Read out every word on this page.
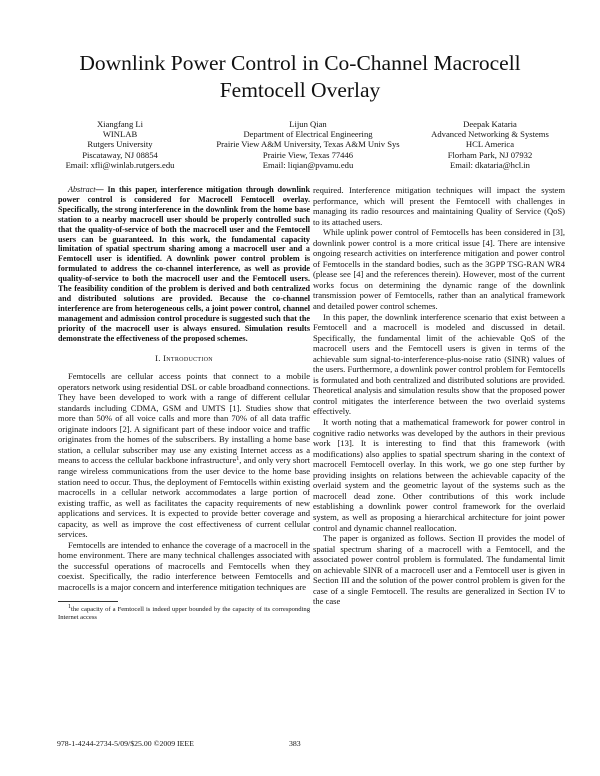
Downlink Power Control in Co-Channel Macrocell Femtocell Overlay
Xiangfang Li
WINLAB
Rutgers University
Piscataway, NJ 08854
Email: xfli@winlab.rutgers.edu
Lijun Qian
Department of Electrical Engineering
Prairie View A&M University, Texas A&M Univ Sys
Prairie View, Texas 77446
Email: liqian@pvamu.edu
Deepak Kataria
Advanced Networking & Systems
HCL America
Florham Park, NJ 07932
Email: dkataria@hcl.in

Abstract— In this paper, interference mitigation through downlink power control is considered for Macrocell Femtocell overlay. Specifically, the strong interference in the downlink from the home base station to a nearby macrocell user should be properly controlled such that the quality-of-service of both the macrocell user and the Femtocell users can be guaranteed. In this work, the fundamental capacity limitation of spatial spectrum sharing among a macrocell user and a Femtocell user is identified. A downlink power control problem is formulated to address the co-channel interference, as well as provide quality-of-service to both the macrocell user and the Femtocell users. The feasibility condition of the problem is derived and both centralized and distributed solutions are provided. Because the co-channel interference are from heterogeneous cells, a joint power control, channel management and admission control procedure is suggested such that the priority of the macrocell user is always ensured. Simulation results demonstrate the effectiveness of the proposed schemes.

I. Introduction

Femtocells are cellular access points that connect to a mobile operators network using residential DSL or cable broadband connections. They have been developed to work with a range of different cellular standards including CDMA, GSM and UMTS [1]. Studies show that more than 50% of all voice calls and more than 70% of all data traffic originate indoors [2]. A significant part of these indoor voice and traffic originates from the homes of the subscribers. By installing a home base station, a cellular subscriber may use any existing Internet access as a means to access the cellular backbone infrastructure$^1$, and only very short range wireless communications from the user device to the home base station need to occur. Thus, the deployment of Femtocells within existing macrocells in a cellular network accommodates a large portion of existing traffic, as well as facilitates the capacity requirements of new applications and services. It is expected to provide better coverage and capacity, as well as improve the cost effectiveness of current cellular services.

Femtocells are intended to enhance the coverage of a macrocell in the home environment. There are many technical challenges associated with the successful operations of macrocells and Femtocells when they coexist. Specifically, the radio interference between Femtocells and macrocells is a major concern and interference mitigation techniques are

$^1$the capacity of a Femtocell is indeed upper bounded by the capacity of its corresponding Internet access

required. Interference mitigation techniques will impact the system performance, which will present the Femtocell with challenges in managing its radio resources and maintaining Quality of Service (QoS) to its attached users.

While uplink power control of Femtocells has been considered in [3], downlink power control is a more critical issue [4]. There are intensive ongoing research activities on interference mitigation and power control of Femtocells in the standard bodies, such as the 3GPP TSG-RAN WR4 (please see [4] and the references therein). However, most of the current works focus on determining the dynamic range of the downlink transmission power of Femtocells, rather than an analytical framework and detailed power control schemes.

In this paper, the downlink interference scenario that exist between a Femtocell and a macrocell is modeled and discussed in detail. Specifically, the fundamental limit of the achievable QoS of the macrocell users and the Femtocell users is given in terms of the achievable sum signal-to-interference-plus-noise ratio (SINR) values of the users. Furthermore, a downlink power control problem for Femtocells is formulated and both centralized and distributed solutions are provided. Theoretical analysis and simulation results show that the proposed power control mitigates the interference between the two overlaid systems effectively.

It worth noting that a mathematical framework for power control in cognitive radio networks was developed by the authors in their previous work [13]. It is interesting to find that this framework (with modifications) also applies to spatial spectrum sharing in the context of macrocell Femtocell overlay. In this work, we go one step further by providing insights on relations between the achievable capacity of the overlaid system and the geometric layout of the systems such as the macrocell dead zone. Other contributions of this work include establishing a downlink power control framework for the overlaid system, as well as proposing a hierarchical architecture for joint power control and dynamic channel reallocation.

The paper is organized as follows. Section II provides the model of spatial spectrum sharing of a macrocell with a Femtocell, and the associated power control problem is formulated. The fundamental limit on achievable SINR of a macrocell user and a Femtocell user is given in Section III and the solution of the power control problem is given for the case of a single Femtocell. The results are generalized in Section IV to the case

978-1-4244-2734-5/09/$25.00 ©2009 IEEE	383
